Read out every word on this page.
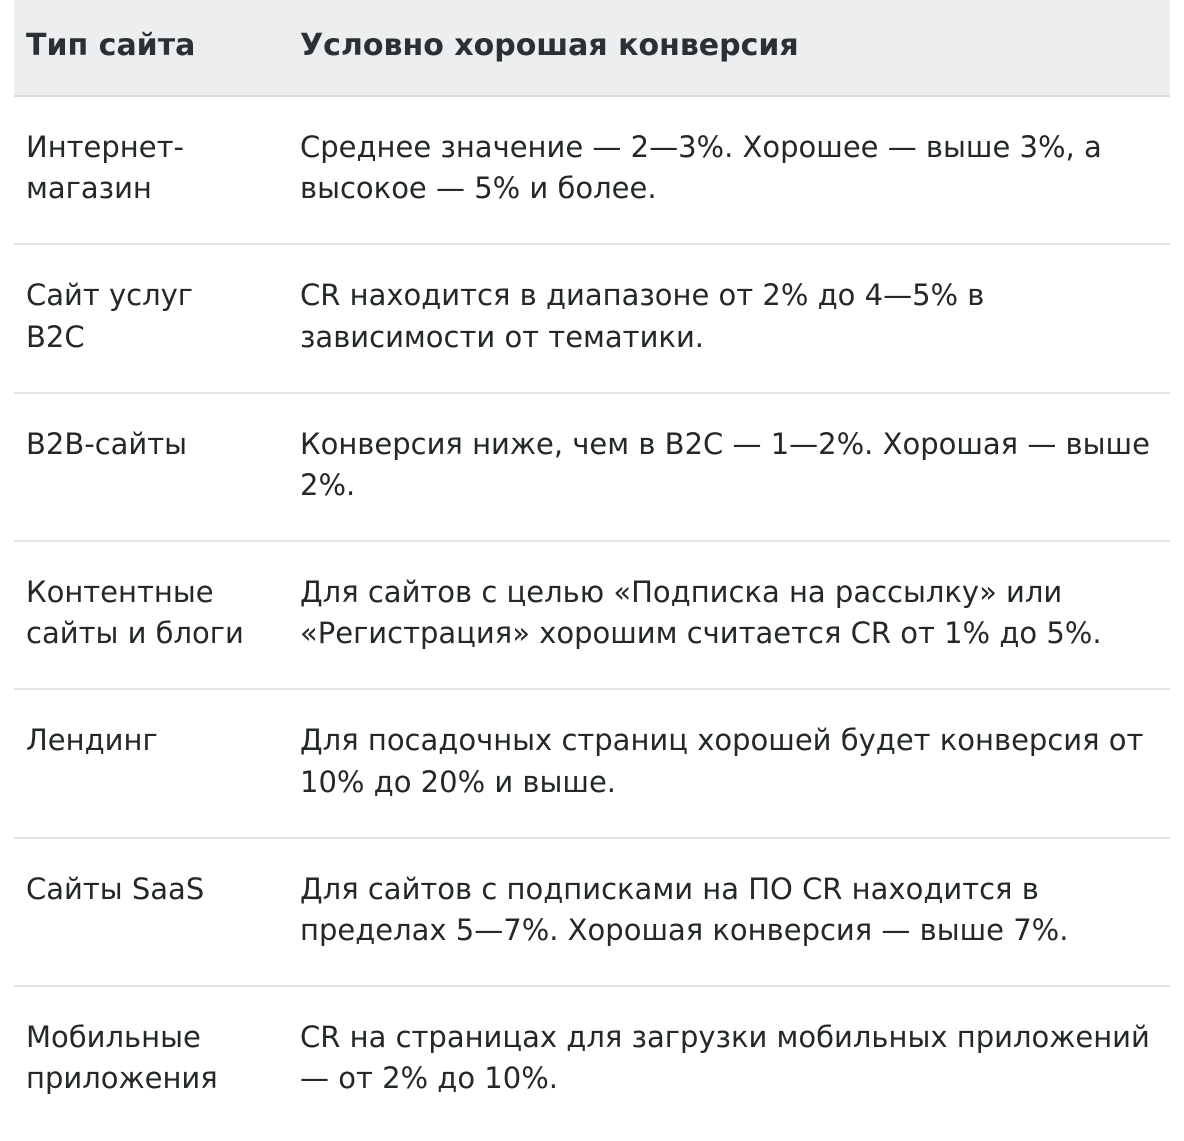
Тип сайта	Условно хорошая конверсия
Интернет-магазин	Среднее значение — 2—3%. Хорошее — выше 3%, а высокое — 5% и более.
Сайт услуг B2C	CR находится в диапазоне от 2% до 4—5% в зависимости от тематики.
B2B-сайты	Конверсия ниже, чем в B2C — 1—2%. Хорошая — выше 2%.
Контентные сайты и блоги	Для сайтов с целью «Подписка на рассылку» или «Регистрация» хорошим считается CR от 1% до 5%.
Лендинг	Для посадочных страниц хорошей будет конверсия от 10% до 20% и выше.
Сайты SaaS	Для сайтов с подписками на ПО CR находится в пределах 5—7%. Хорошая конверсия — выше 7%.
Мобильные приложения	CR на страницах для загрузки мобильных приложений — от 2% до 10%.
